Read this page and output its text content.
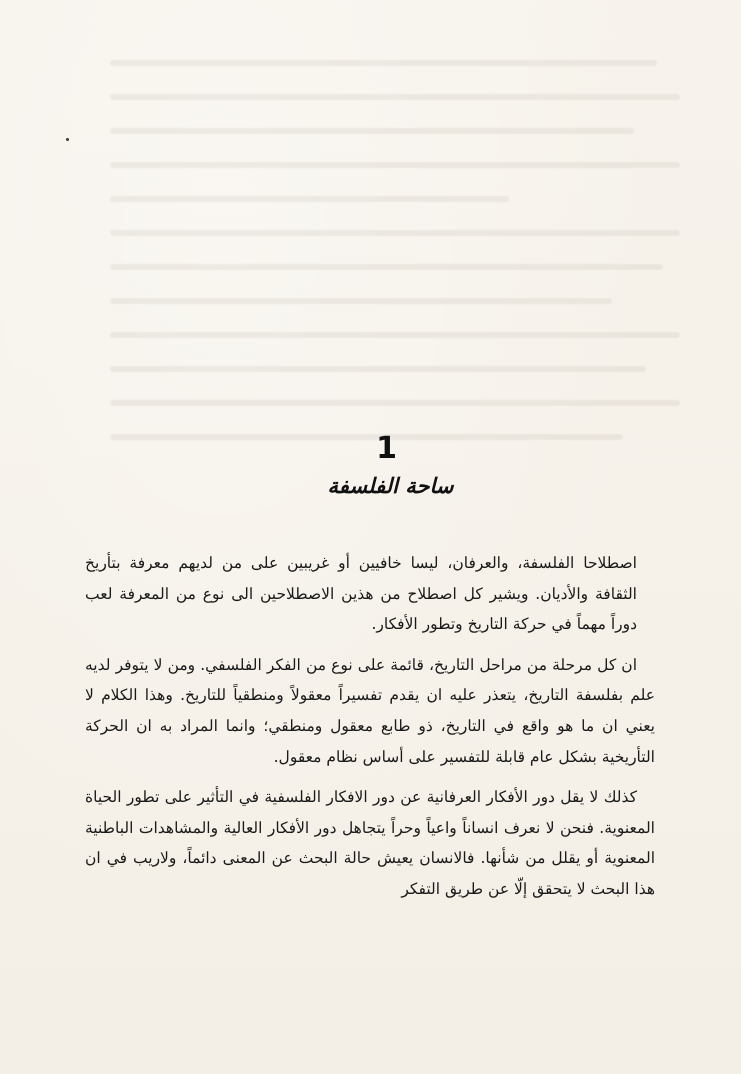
1
ساحة الفلسفة

اصطلاحا الفلسفة، والعرفان، ليسا خافيين أو غريبين على من لديهم معرفة بتأريخ الثقافة والأديان. ويشير كل اصطلاح من هذين الاصطلاحين الى نوع من المعرفة لعب دوراً مهماً في حركة التاريخ وتطور الأفكار.

ان كل مرحلة من مراحل التاريخ، قائمة على نوع من الفكر الفلسفي. ومن لا يتوفر لديه علم بفلسفة التاريخ، يتعذر عليه ان يقدم تفسيراً معقولاً ومنطقياً للتاريخ. وهذا الكلام لا يعني ان ما هو واقع في التاريخ، ذو طابع معقول ومنطقي؛ وانما المراد به ان الحركة التأريخية بشكل عام قابلة للتفسير على أساس نظام معقول.

كذلك لا يقل دور الأفكار العرفانية عن دور الافكار الفلسفية في التأثير على تطور الحياة المعنوية. فنحن لا نعرف انساناً واعياً وحراً يتجاهل دور الأفكار العالية والمشاهدات الباطنية المعنوية أو يقلل من شأنها. فالانسان يعيش حالة البحث عن المعنى دائماً، ولاريب في ان هذا البحث لا يتحقق إلّا عن طريق التفكر
